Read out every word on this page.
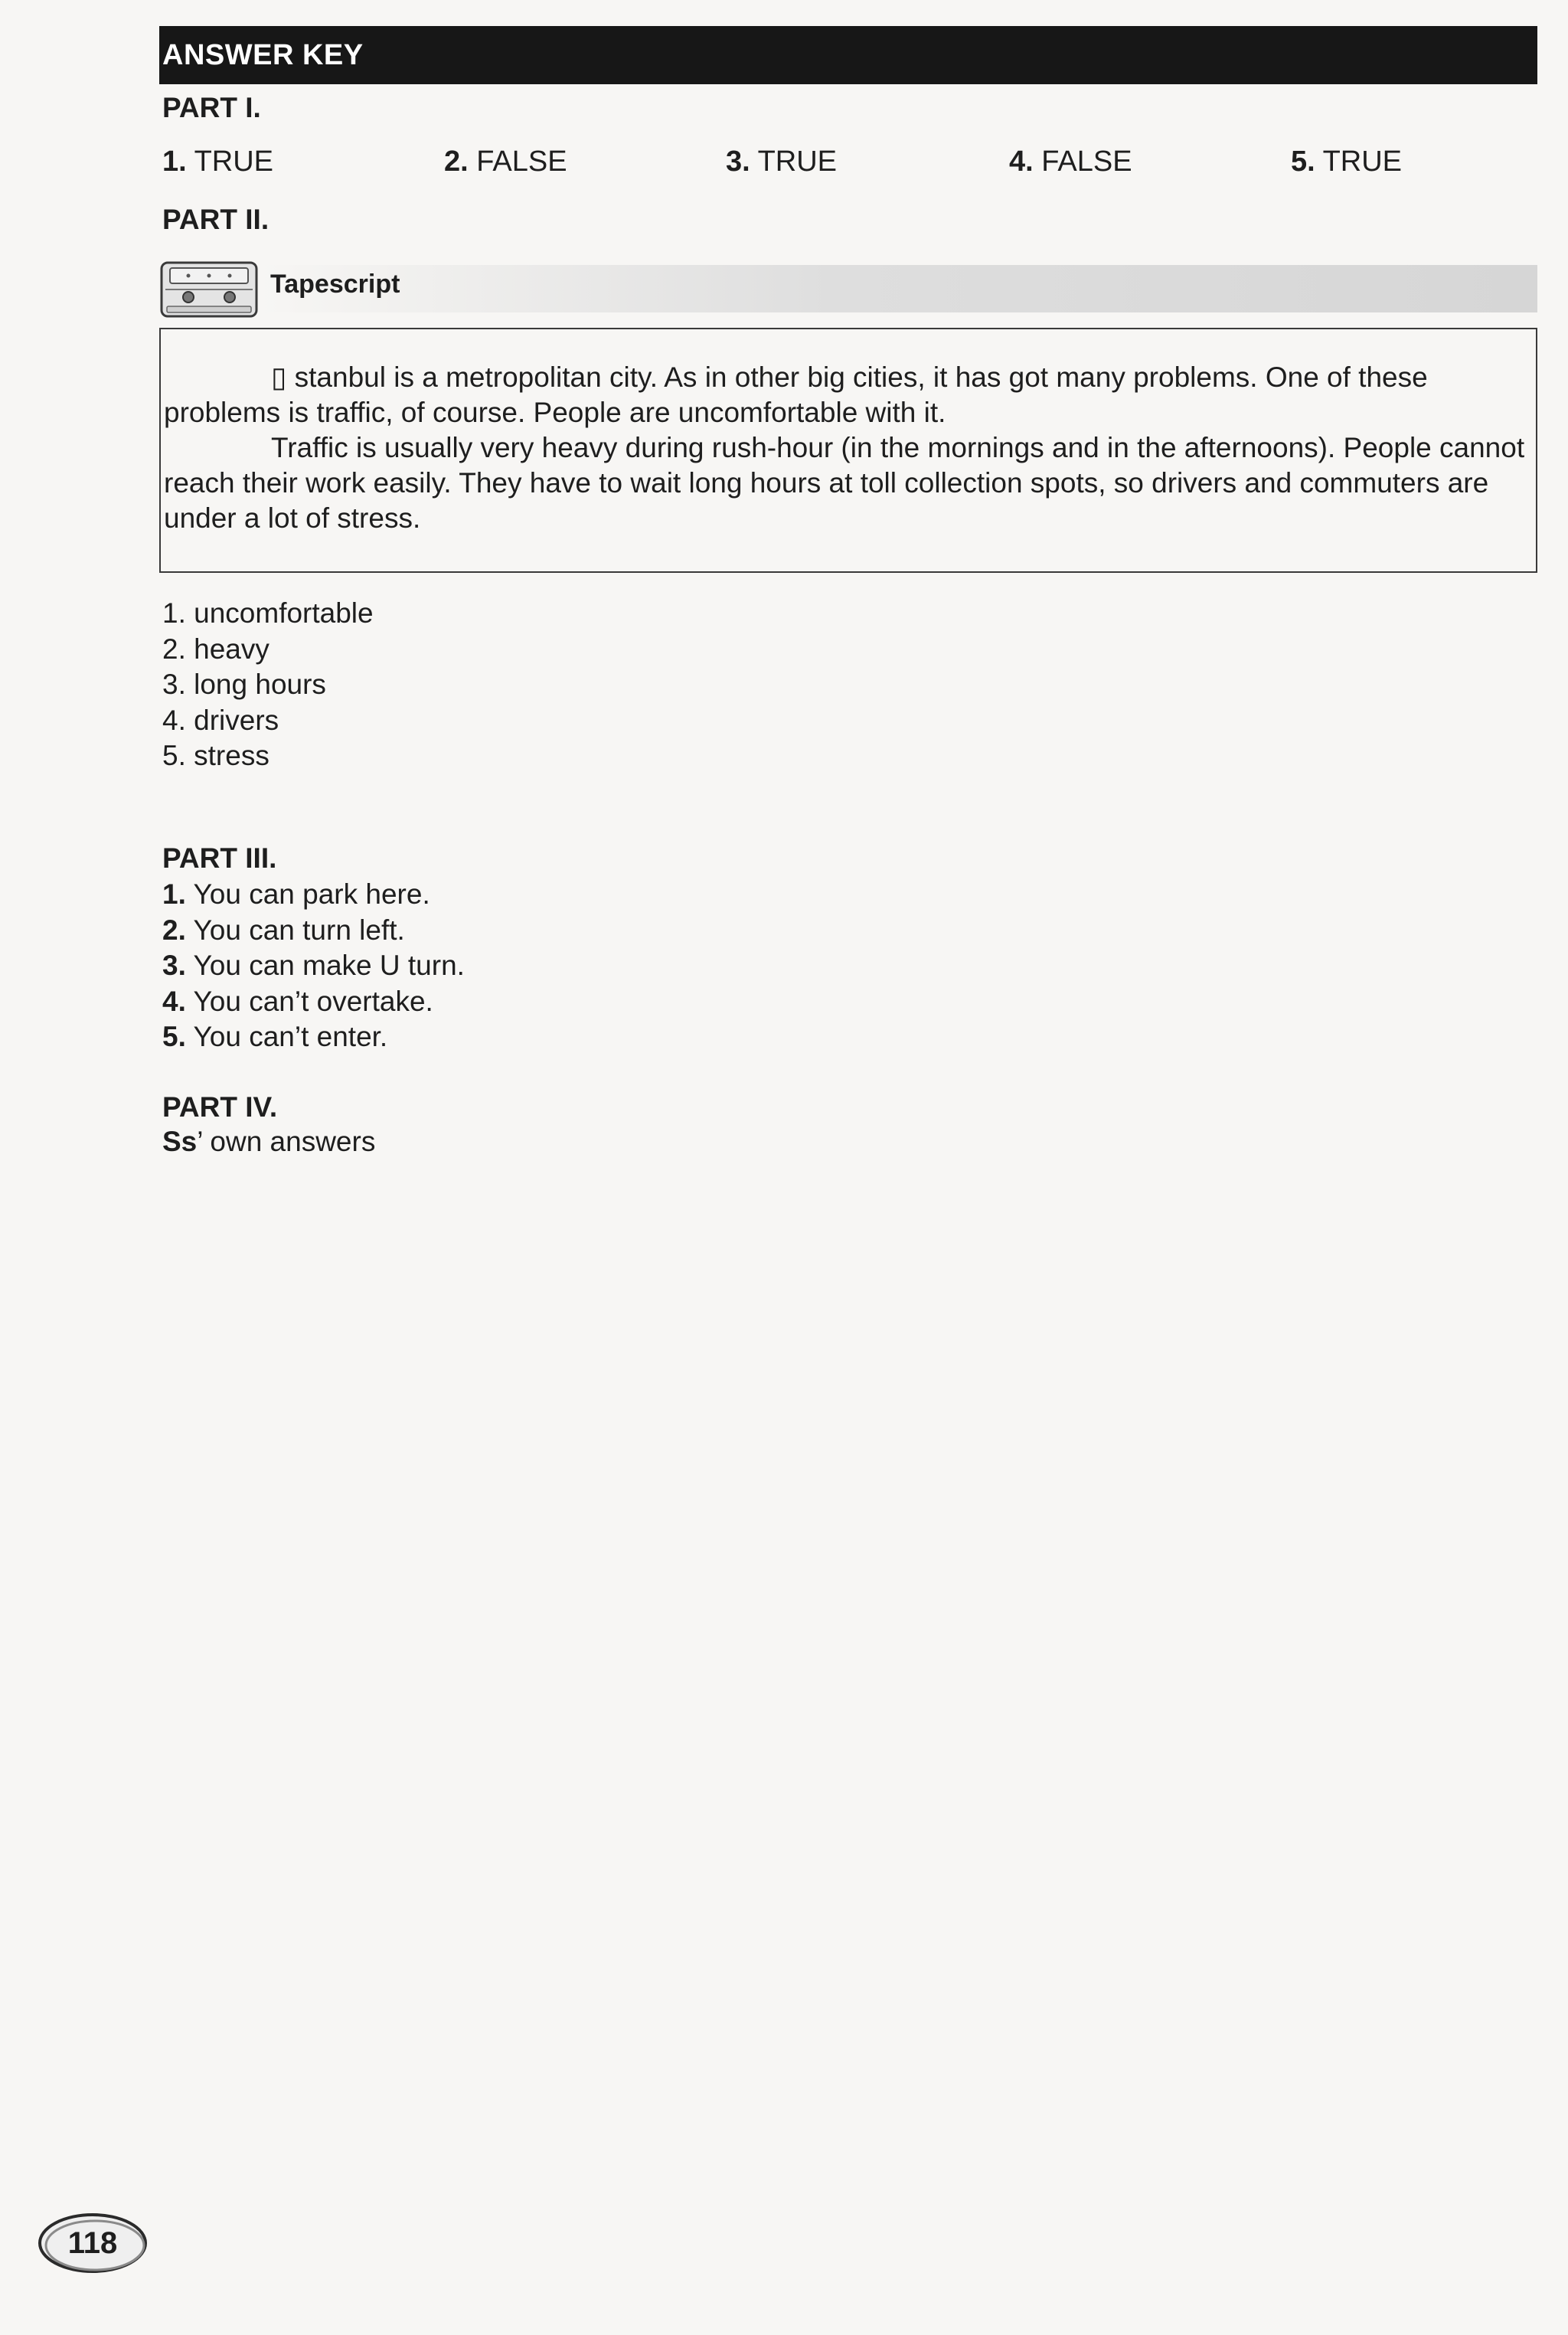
ANSWER KEY
PART I.
1. TRUE	2. FALSE	3. TRUE	4. FALSE	5. TRUE
PART II.
Tapescript

▯ stanbul is a metropolitan city. As in other big cities, it has got many problems. One of these problems is traffic, of course. People are uncomfortable with it.

Traffic is usually very heavy during rush-hour (in the mornings and in the afternoons). People cannot reach their work easily. They have to wait long hours at toll collection spots, so drivers and commuters are under a lot of stress.

1. uncomfortable
2. heavy
3. long hours
4. drivers
5. stress
PART III.
1. You can park here.
2. You can turn left.
3. You can make U turn.
4. You can’t overtake.
5. You can’t enter.
PART IV.
Ss’ own answers
118
